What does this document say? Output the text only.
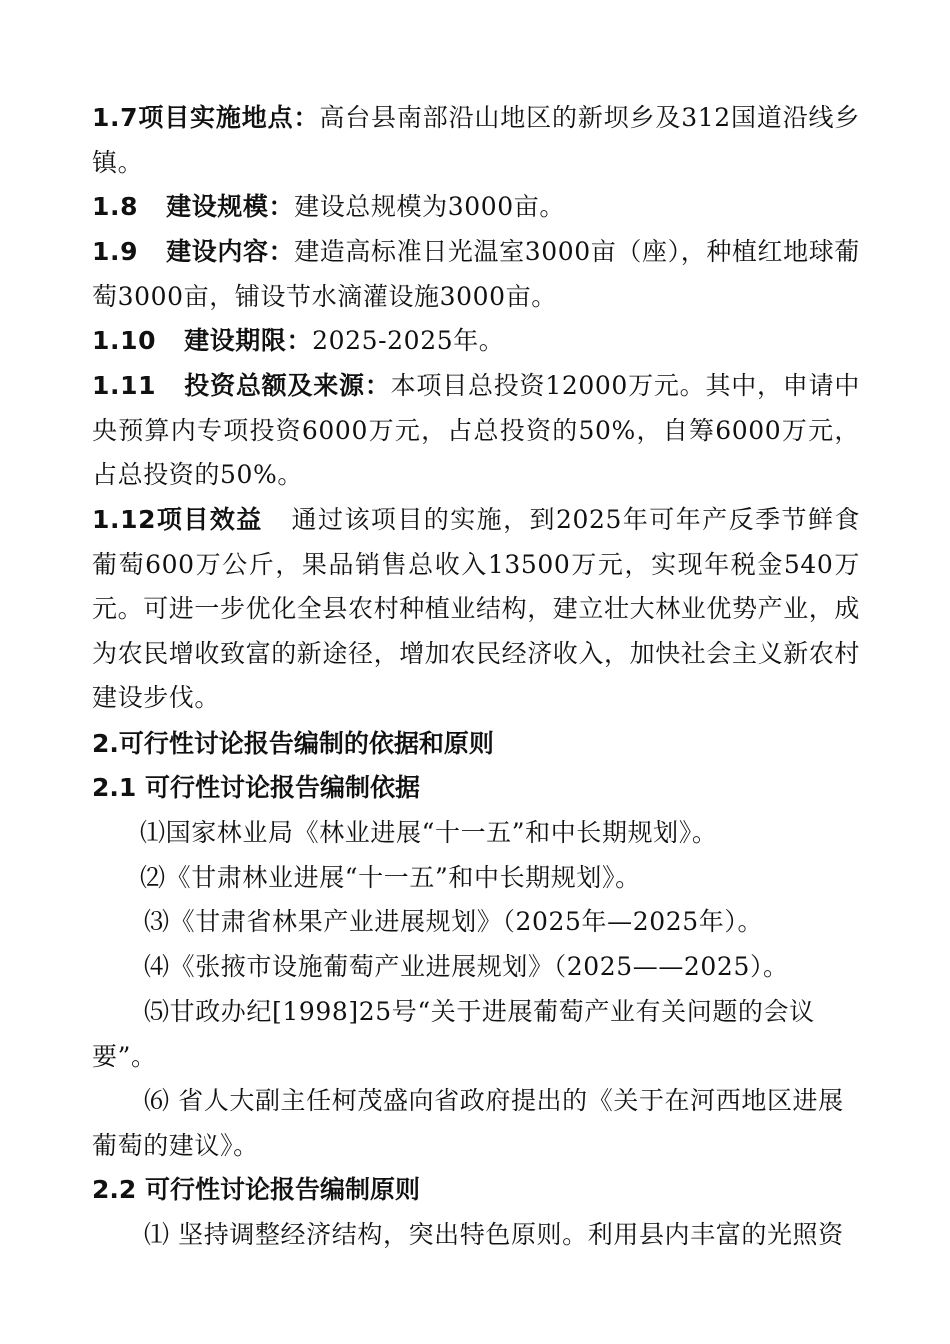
1.7项目实施地点：高台县南部沿山地区的新坝乡及312国道沿线乡镇。

1.8 建设规模：建设总规模为3000亩。

1.9 建设内容：建造高标准日光温室3000亩（座），种植红地球葡萄3000亩，铺设节水滴灌设施3000亩。

1.10 建设期限：2025-2025年。

1.11 投资总额及来源：本项目总投资12000万元。其中，申请中央预算内专项投资6000万元，占总投资的50%，自筹6000万元，占总投资的50%。

1.12项目效益 通过该项目的实施，到2025年可年产反季节鲜食葡萄600万公斤，果品销售总收入13500万元，实现年税金540万元。可进一步优化全县农村种植业结构，建立壮大林业优势产业，成为农民增收致富的新途径，增加农民经济收入，加快社会主义新农村建设步伐。

2.可行性讨论报告编制的依据和原则
2.1 可行性讨论报告编制依据

⑴国家林业局《林业进展“十一五”和中长期规划》。

⑵《甘肃林业进展“十一五”和中长期规划》。

⑶《甘肃省林果产业进展规划》（2025年—2025年）。

⑷《张掖市设施葡萄产业进展规划》（2025——2025）。

⑸甘政办纪[1998]25号“关于进展葡萄产业有关问题的会议要”。

⑹ 省人大副主任柯茂盛向省政府提出的《关于在河西地区进展葡萄的建议》。

2.2 可行性讨论报告编制原则

⑴ 坚持调整经济结构，突出特色原则。利用县内丰富的光照资
